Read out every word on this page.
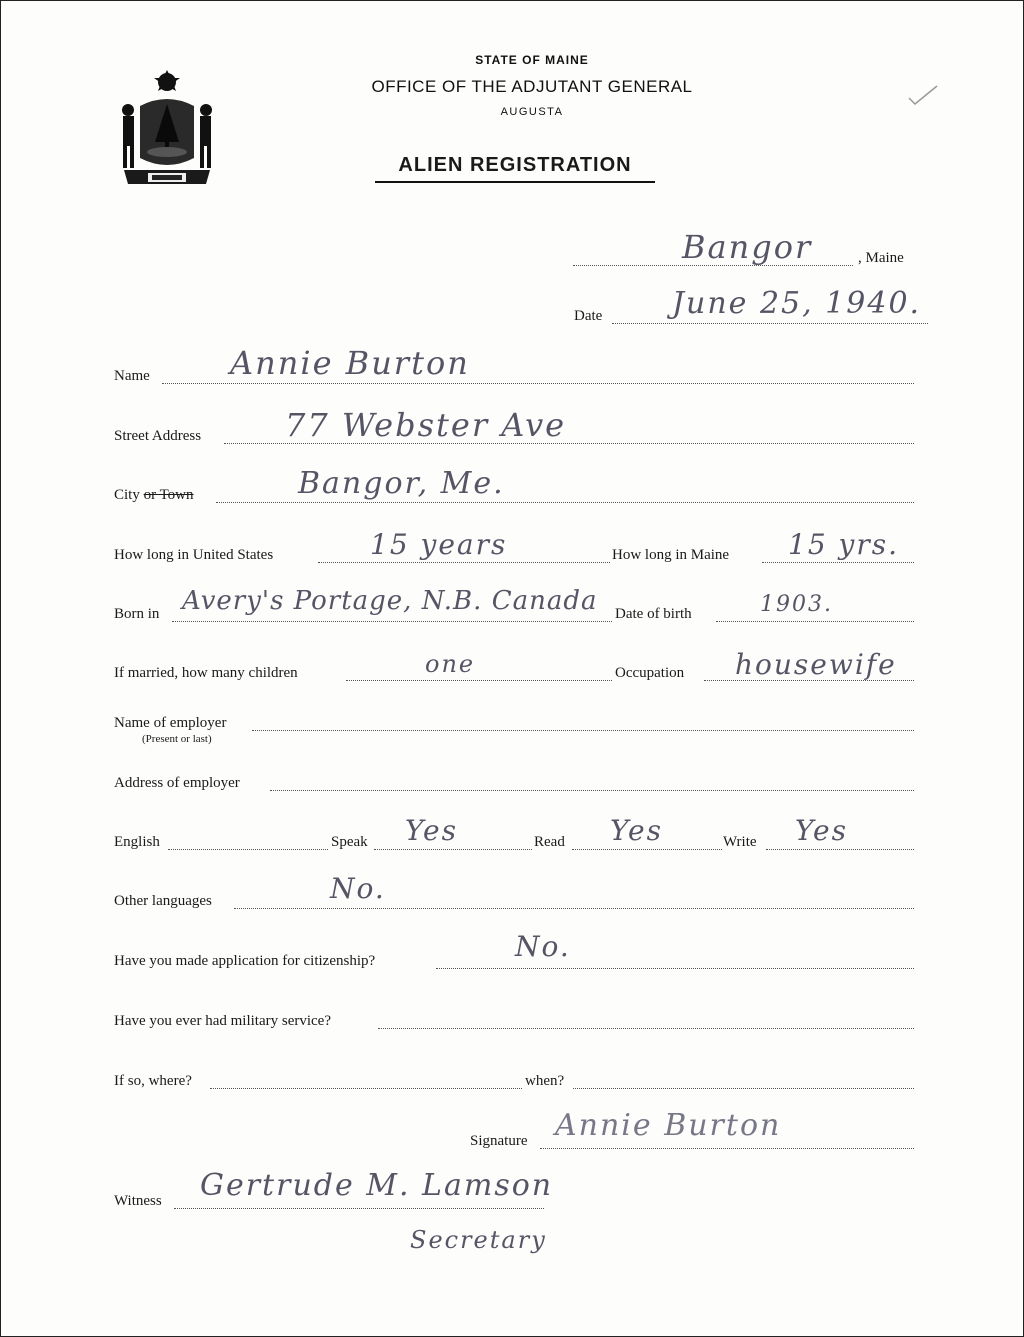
STATE OF MAINE
OFFICE OF THE ADJUTANT GENERAL
AUGUSTA
ALIEN REGISTRATION
Bangor	, Maine
Date June 25, 1940.
Name	Annie Burton
Street Address	77 Webster Ave
City or Town	Bangor, Me.
How long in United States	15 years	How long in Maine 15 yrs.
Born in Avery's Portage, N.B. Canada Date of birth	1903.
If married, how many children	one	Occupation housewife
Name of employer
(Present or last)
Address of employer
English	Speak Yes	Read Yes	Write Yes
Other languages	No.
Have you made application for citizenship?	No.
Have you ever had military service?
If so, where?	when?
Signature Annie Burton
Witness Gertrude M. Lamson
Secretary
